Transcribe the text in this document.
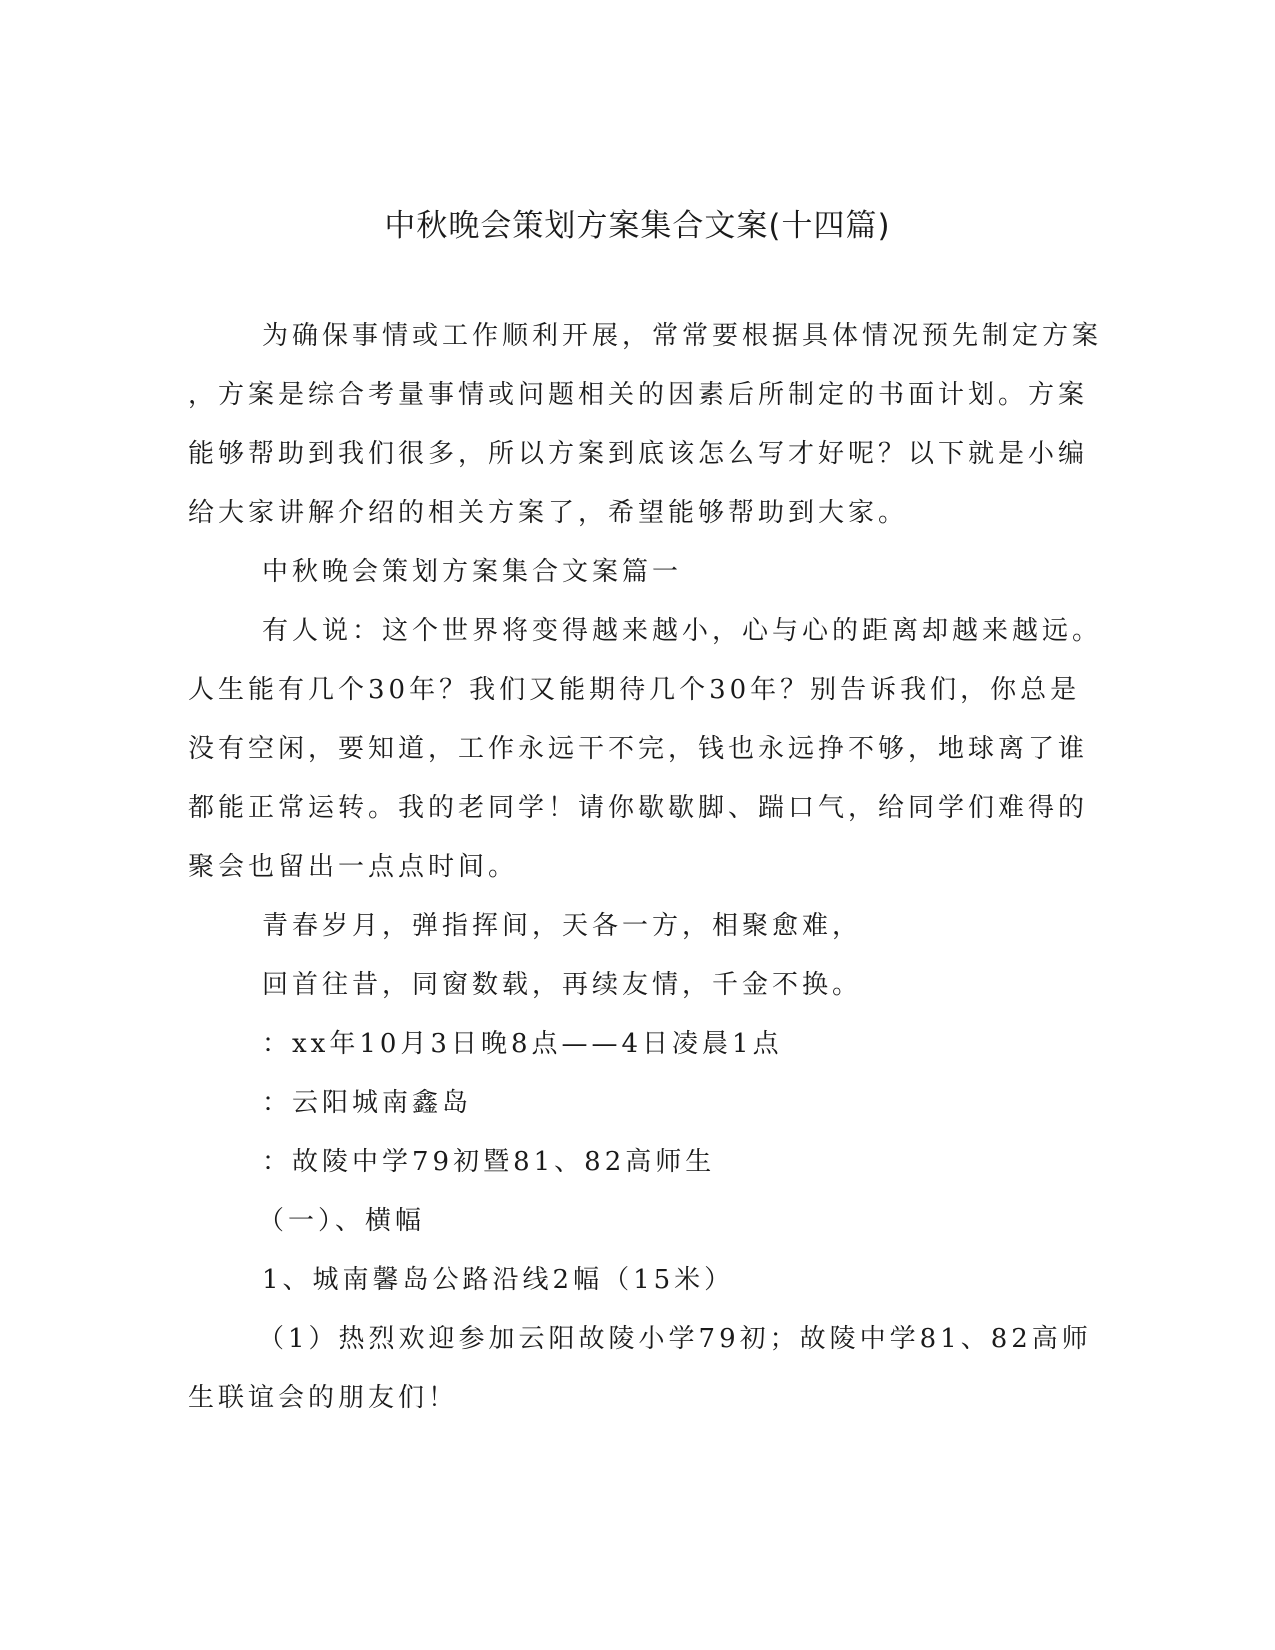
中秋晚会策划方案集合文案(十四篇)

为确保事情或工作顺利开展，常常要根据具体情况预先制定方案

，方案是综合考量事情或问题相关的因素后所制定的书面计划。方案

能够帮助到我们很多，所以方案到底该怎么写才好呢？以下就是小编

给大家讲解介绍的相关方案了，希望能够帮助到大家。

中秋晚会策划方案集合文案篇一

有人说：这个世界将变得越来越小，心与心的距离却越来越远。

人生能有几个30年？我们又能期待几个30年？别告诉我们，你总是

没有空闲，要知道，工作永远干不完，钱也永远挣不够，地球离了谁

都能正常运转。我的老同学！请你歇歇脚、踹口气，给同学们难得的

聚会也留出一点点时间。

青春岁月，弹指挥间，天各一方，相聚愈难，

回首往昔，同窗数载，再续友情，千金不换。

：xx年10月3日晚8点——4日凌晨1点

：云阳城南鑫岛

：故陵中学79初暨81、82高师生

（一）、横幅

1、城南馨岛公路沿线2幅（15米）

（1）热烈欢迎参加云阳故陵小学79初；故陵中学81、82高师

生联谊会的朋友们！
